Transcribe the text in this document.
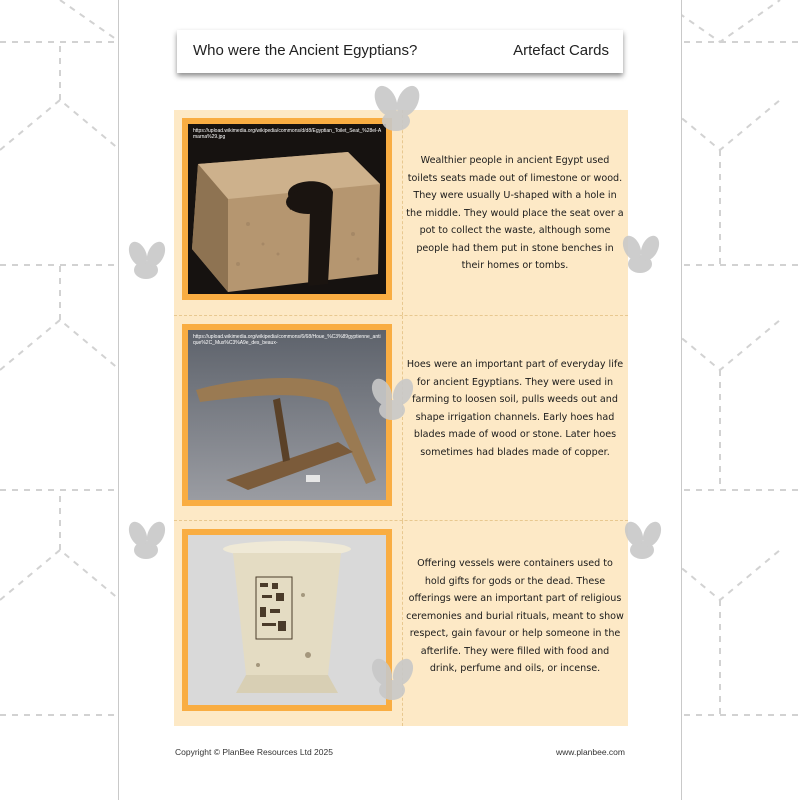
Who were the Ancient Egyptians?	Artefact Cards
https://upload.wikimedia.org/wikipedia/commons/d/d8/Egyptian_Toilet_Seat_%28el-Amarna%29.jpg
Wealthier people in ancient Egypt used toilets seats made out of limestone or wood. They were usually U-shaped with a hole in the middle. They would place the seat over a pot to collect the waste, although some people had them put in stone benches in their homes or tombs.
https://upload.wikimedia.org/wikipedia/commons/6/68/Houe_%C3%89gyptienne_antique%2C_Mus%C3%A9e_des_beaux-
Hoes were an important part of everyday life for ancient Egyptians. They were used in farming to loosen soil, pulls weeds out and shape irrigation channels. Early hoes had blades made of wood or stone. Later hoes sometimes had blades made of copper.
Offering vessels were containers used to hold gifts for gods or the dead. These offerings were an important part of religious ceremonies and burial rituals, meant to show respect, gain favour or help someone in the afterlife. They were filled with food and drink, perfume and oils, or incense.
Copyright © PlanBee Resources Ltd 2025	www.planbee.com
